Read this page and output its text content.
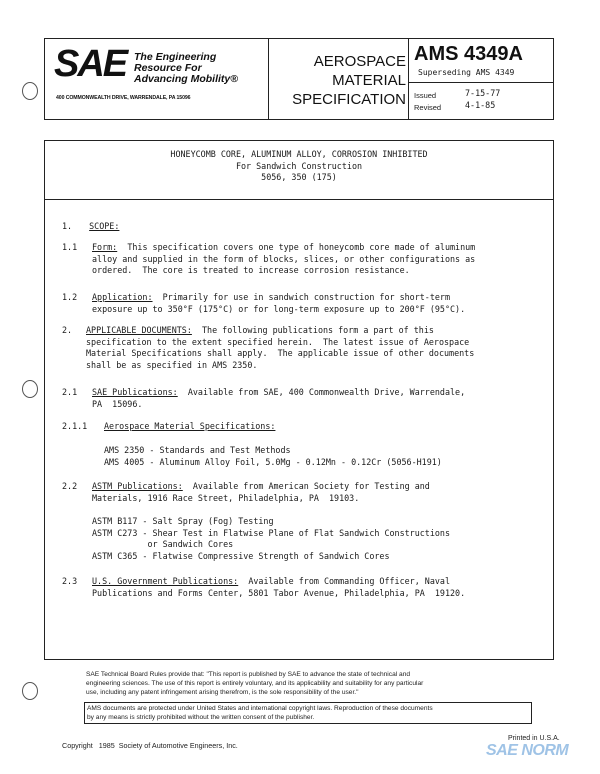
SAE The Engineering
Resource For
Advancing Mobility®
400 COMMONWEALTH DRIVE, WARRENDALE, PA 15096
AEROSPACE
MATERIAL
SPECIFICATION
AMS 4349A
Superseding AMS 4349
Issued	7-15-77
Revised	4-1-85
HONEYCOMB CORE, ALUMINUM ALLOY, CORROSION INHIBITED
For Sandwich Construction
5056, 350 (175)
1. SCOPE:
1.1 Form: This specification covers one type of honeycomb core made of aluminum
alloy and supplied in the form of blocks, slices, or other configurations as
ordered.  The core is treated to increase corrosion resistance.
1.2 Application: Primarily for use in sandwich construction for short-term
exposure up to 350°F (175°C) or for long-term exposure up to 200°F (95°C).
2. APPLICABLE DOCUMENTS: The following publications form a part of this
specification to the extent specified herein.  The latest issue of Aerospace
Material Specifications shall apply.  The applicable issue of other documents
shall be as specified in AMS 2350.
2.1 SAE Publications: Available from SAE, 400 Commonwealth Drive, Warrendale,
PA  15096.
2.1.1 Aerospace Material Specifications:
AMS 2350 - Standards and Test Methods
AMS 4005 - Aluminum Alloy Foil, 5.0Mg - 0.12Mn - 0.12Cr (5056-H191)
2.2 ASTM Publications: Available from American Society for Testing and
Materials, 1916 Race Street, Philadelphia, PA  19103.
ASTM B117 - Salt Spray (Fog) Testing
ASTM C273 - Shear Test in Flatwise Plane of Flat Sandwich Constructions
or Sandwich Cores
ASTM C365 - Flatwise Compressive Strength of Sandwich Cores
2.3 U.S. Government Publications: Available from Commanding Officer, Naval
Publications and Forms Center, 5801 Tabor Avenue, Philadelphia, PA  19120.
SAE Technical Board Rules provide that: "This report is published by SAE to advance the state of technical and
engineering sciences. The use of this report is entirely voluntary, and its applicability and suitability for any particular
use, including any patent infringement arising therefrom, is the sole responsibility of the user."
AMS documents are protected under United States and international copyright laws. Reproduction of these documents
by any means is strictly prohibited without the written consent of the publisher.
Copyright   1985  Society of Automotive Engineers, Inc.
Printed in U.S.A.
SAE NORM
